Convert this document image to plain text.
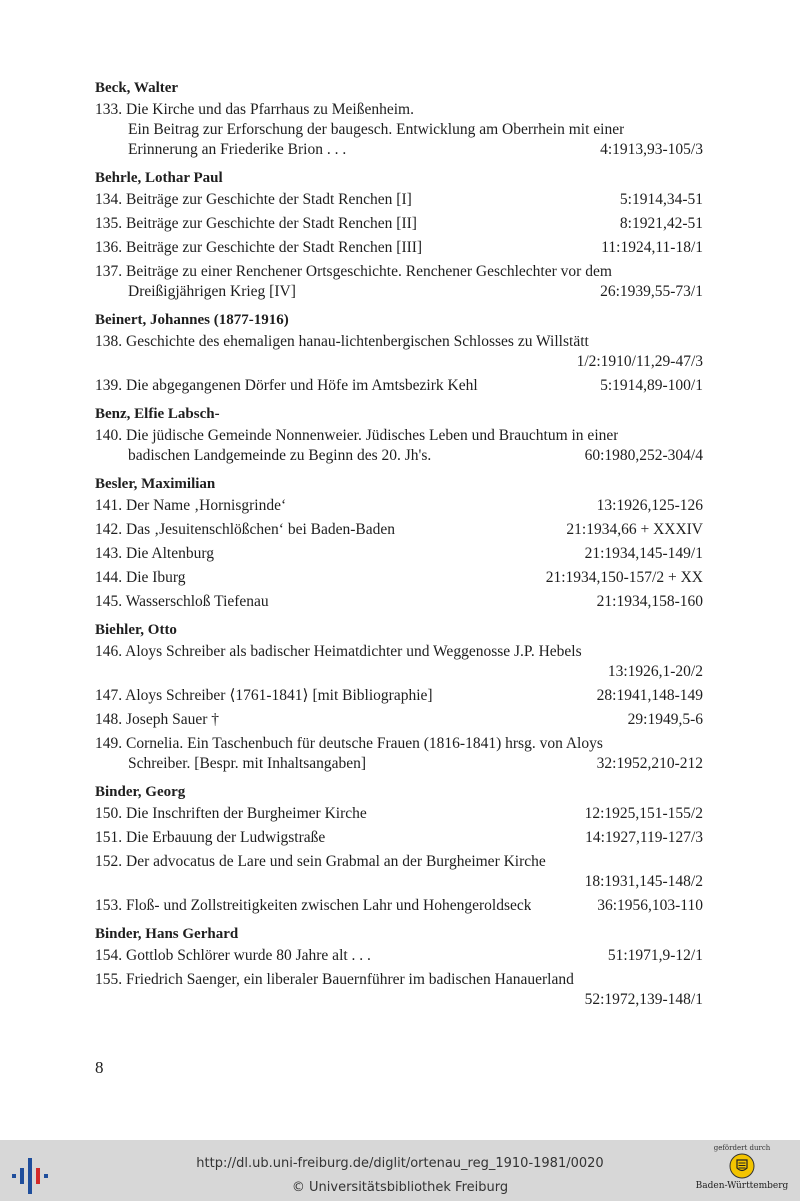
Beck, Walter
133. Die Kirche und das Pfarrhaus zu Meißenheim.
Ein Beitrag zur Erforschung der baugesch. Entwicklung am Oberrhein mit einer
Erinnerung an Friederike Brion . . .	4:1913,93-105/3
Behrle, Lothar Paul
134. Beiträge zur Geschichte der Stadt Renchen [I]	5:1914,34-51
135. Beiträge zur Geschichte der Stadt Renchen [II]	8:1921,42-51
136. Beiträge zur Geschichte der Stadt Renchen [III]	11:1924,11-18/1
137. Beiträge zu einer Renchener Ortsgeschichte. Renchener Geschlechter vor dem
Dreißigjährigen Krieg [IV]	26:1939,55-73/1
Beinert, Johannes (1877-1916)
138. Geschichte des ehemaligen hanau-lichtenbergischen Schlosses zu Willstätt
1/2:1910/11,29-47/3
139. Die abgegangenen Dörfer und Höfe im Amtsbezirk Kehl	5:1914,89-100/1
Benz, Elfie Labsch-
140. Die jüdische Gemeinde Nonnenweier. Jüdisches Leben und Brauchtum in einer
badischen Landgemeinde zu Beginn des 20. Jh's.	60:1980,252-304/4
Besler, Maximilian
141. Der Name ‚Hornisgrinde‘	13:1926,125-126
142. Das ‚Jesuitenschlößchen‘ bei Baden-Baden	21:1934,66 + XXXIV
143. Die Altenburg	21:1934,145-149/1
144. Die Iburg	21:1934,150-157/2 + XX
145. Wasserschloß Tiefenau	21:1934,158-160
Biehler, Otto
146. Aloys Schreiber als badischer Heimatdichter und Weggenosse J.P. Hebels
13:1926,1-20/2
147. Aloys Schreiber ⟨1761-1841⟩ [mit Bibliographie]	28:1941,148-149
148. Joseph Sauer †	29:1949,5-6
149. Cornelia. Ein Taschenbuch für deutsche Frauen (1816-1841) hrsg. von Aloys
Schreiber. [Bespr. mit Inhaltsangaben]	32:1952,210-212
Binder, Georg
150. Die Inschriften der Burgheimer Kirche	12:1925,151-155/2
151. Die Erbauung der Ludwigstraße	14:1927,119-127/3
152. Der advocatus de Lare und sein Grabmal an der Burgheimer Kirche
18:1931,145-148/2
153. Floß- und Zollstreitigkeiten zwischen Lahr und Hohengeroldseck	36:1956,103-110
Binder, Hans Gerhard
154. Gottlob Schlörer wurde 80 Jahre alt . . .	51:1971,9-12/1
155. Friedrich Saenger, ein liberaler Bauernführer im badischen Hanauerland
52:1972,139-148/1
8
http://dl.ub.uni-freiburg.de/diglit/ortenau_reg_1910-1981/0020
© Universitätsbibliothek Freiburg
gefördert durch
Baden-Württemberg
